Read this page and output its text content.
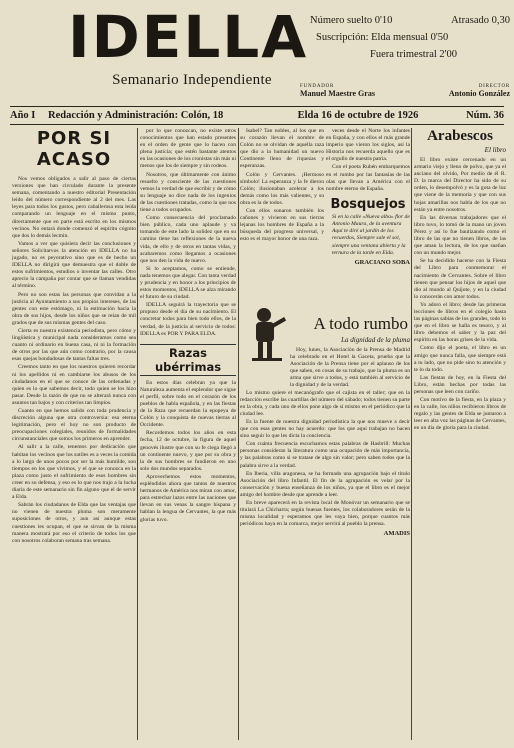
IDELLA
Semanario Independiente
Número suelto 0'10	Atrasado 0,30
Suscripción: Elda mensual 0'50
Fuera trimestral 2'00
FUNDADOR	DIRECTOR
Manuel Maestre Gras	Antonio González
Año I	Redacción y Administración: Colón, 18	Elda 16 de octubre de 1926	Núm. 36
POR SI ACASO

Nos vemos obligados a salir al paso de ciertas versiones que han circulado durante la presente semana, comentando a nuestro editorial Presentación leído del número correspondiente al 2 del mes. Las leyes para todos los gustos, pero caballerosa esta leída comparando un lenguaje en el mismo punto, directamente que en parte está escrito en los mismos vecinos. No entará donde comenzó el espíritu cógnito que dos lo demás lecmin.

Vamos a ver que quisiera decir las conclusiones y señores Solicitarvos la atención en IDELLA no ha jugado, no es peyorativo sino que es de hecho un IDELLA no dirigirá que demuestra que el doble de estos sufrimientos, estudios o inventar las calles. Otro aprecio la campaña por contar que se llaman vendidas al término.

Pero no son estas las personas que convidan a la justicia al Ayuntamiento a sus propios intereses, de las gentes con este estómago, ni la estimación hacia la obra de sus hijos, desde los niños que se reían de mil grados que de sus mismas gentes del caso.

Cierta es nuestra existencia periodista, pero cómo y lingüística y municipal nada consideramos como sea cuanto ni ordinario en buena casa, ni ni la formación de otros por las que aún como contrario, por la causa esas quejas bondadosas de tantas faltas tres.

Creemos tanto en que los nuestros quieren recordar ni los apellidos ni en cambiarse los abusos de los ciudadanos en el que se conoce de las ordenadas y quien es lo que sabemos decir, todo quien se los hizo pasar. Desde la razón de que no se alterará nunca con asuntos tan bajos y con criterios tan limpios.

Cuanto en que hemos salido con toda prudencia y discreción alguna que otra controversia: esa eterna legitimación, pero el hoy no son producto de preocupaciones colegiales, reunidos de formalidades circunstanciales que somos los primeros en aprender.

Al salir a la calle, tenemos por dedicación que habitan los vecinos que los sutiles es a veces la comida a lo largo de unos pocos por ser la más humilde, son tiempos en los que vivimos, y el que se conozca en la plaza como justo el sufrimiento de esos hombres sin creer en su defensa, y eso es lo que nos trajo a la lucha diaria de este semanario sin fin alguno que el de servir a Elda.

Sabrán los ciudadanos de Elda que las ventajas que no vienen de nuestra pluma son meramente suposiciones de otros, y aun así aunque estas cuestiones les ocupan, el que se sirvan de la misma manera mostrará por eso el criterio de todos los que con nosotros colaboran semana tras semana.

por lo que conozcan, no existe otros conocimientos que han estado presentes en el orden de gente que lo hacen con plena justicia; que estén bastante atentos en las ocasiones de los cronistas sin más ni menos que los de siempre y sin rodeos.

Nosotros, que últimamente con ánimo resuelto y consciente de las cuestiones vemos la verdad de que escribir y de cómo su lenguaje no dice nada de los ingenios de las cuestiones tratadas, como la que nos tiene a todos ocupados.

Como consecuencia del proclamado bien público, cada uno aplaude y va tomando de este lado la solidez que en su camino tiene las reflexiones de la nueva vida, de ello y de otros en tantas vidas, y acabaremos como llegamos a ocasiones que nos den la vida de nuevo.

Si lo aceptamos, como se entiende, nada tenemos que alegar. Con tanta verdad y prudencia y en honor a los principios de estos momentos, IDELLA se alza mirando el futuro de su ciudad.

IDELLA seguirá la trayectoria que se propuso desde el día de su nacimiento. El concretar todos para bien todo ellos, de la verdad, de la justicia al servicio de todos: IDELLA es POR Y PARA ELDA.

Razas ubérrimas

En estos días celebran ya que la Naturaleza aumenta el esplendor que sigue el perfil, sobre todo en el corazón de los pueblos de habla española, y en las fiestas de la Raza que recuerdan la epopeya de Colón y la conquista de nuevas tierras al Occidente.

Recordemos todos los años en esta fecha, 12 de octubre, la figura de aquel genovés ilustre que con su fe ciega llegó a un continente nuevo, y que por su obra y la de sus hombres se fundieron en uno solo dos mundos separados.

Aprovechemos estos momentos, espléndidos ahora que tantos de nuestros hermanos de América nos miran con amor, para estrechar lazos entre las naciones que llevan en sus venas la sangre hispana y hablan la lengua de Cervantes, la que más glorias tuvo.

Isabel? Tan nobles, al los que en su corazón llevan el nombre de Colón no se olvidan de aquella raza que dio a la humanidad un nuevo Continente lleno de riquezas y esperanzas.

Colón y Cervantes. ¡Hermoso símbolo! La esperanza y la fe dieron Colón; ilusionaban acelerar a los demás como los más valientes, y su obra es la de todos.

Con ellos sonaron también los cañones y vivieron en sus tierras lejanas los hombres de España a la búsqueda del progreso universal, y esto es el mayor honor de una raza.

veces desde el Norte los infantes en España, y con ellos el más grande imperio que vieron los siglos, así la Historia nos recuerda aquello que es el orgullo de nuestra patria.

Con el poeta Rubén embarquemos en el rumbo por las fantasías de las olas que llevan a América con el nombre eterno de España.

Bosquejos

Si en la calle «Nueva alba» flor de Antonio Maura, de la aventura Aquí te diré al jardín de los recuerdos, Siempre sale el sol, siempre una ventana abierta y la ternura de la tarde en Elda.

GRACIANO SOBA
A todo rumbo
La dignidad de la pluma

Hoy, lunes, la Asociación de la Prensa de Madrid ha celebrado en el Hotel la Gaceta, prueba que la Asociación de la Prensa tiene por el aplauso de los que saben, en cosas de su trabajo, que la pluma es un arma que sirve a todos, y está también al servicio de la dignidad y de la verdad.

Lo mismo quiere el mecanógrafo que el cajista en el taller; que en la redacción escribe las cuartillas del número del sábado; todos tienen su parte en la obra, y cada uno de ellos pone algo de sí mismo en el periódico que la ciudad lee.

Es la fuente de nuestra dignidad periodística la que nos mueve a decir que con esas gentes no hay acuerdo: que los que aquí trabajan no hacen sino seguir lo que les dicta la conciencia.

Con cuánta frecuencia escuchamos estas palabras de Hasbrill: Muchas personas consideran la literatura como una ocupación de más importancia, y las palabras como si se tratase de algo sin valor; pero saben todos que la palabra sirve a la verdad.

En Iberia, villa aragonesa, se ha formado una agrupación bajo el título Asociación del libro Infantil. El fin de la agrupación es velar por la conservación y buena enseñanza de los niños, ya que el libro es el mejor amigo del hombre desde que aprende a leer.

En breve aparecerá en la revista local de Monóvar un semanario que se titulará La Chicharra; según buenas fuentes, los colaboradores serán de la misma localidad y esperamos que les vaya bien, porque cuantos más periódicos haya en la comarca, mejor servirá al pueblo la prensa.

AMADIS
Arabescos
El libro

El libro existe cercenado en un armario viejo y lleno de polvo, que ya el anciano del olvido, Por medio de él R. D. la marca del Director ha sido de su orden, lo desempolvó y es la gota de luz que viene de la memoria y que con sus hojas amarillas nos habla de los que no están ya entre nosotros.

En las diversas trabajadores que el libro tuvo, lo tomó de la mano un joven Pérez y así lo fue bautizando como el libro de las que no tienen libros, de las que aman la lectura, de los que sueñan con un mundo mejor.

Se ha decidido hacerse con la Fiesta del Libro para conmemorar el nacimiento de Cervantes. Sobre el libro tienen que pensar los hijos de aquel que dio al mundo al Quijote, y en la ciudad lo conocerán con amor todos.

Yo adoro el libro; desde las primeras lecciones de libros en el colegio hasta las páginas sabias de los grandes, todo lo que en el libro se halla es tesoro, y al libro debemos el saber y la paz del espíritu en las horas grises de la vida.

Como dijo el poeta, el libro es un amigo que nunca falla, que siempre está a tu lado, que no pide sino tu atención y te lo da todo.

Las fiestas de hoy, en la Fiesta del Libro, están hechas por todas las personas que leen con cariño.

Con motivo de la fiesta, en la plaza y en la calle, los niños recibieron libros de regalo y las gentes de Elda se juntaron a leer en alta voz las páginas de Cervantes, en un día de gloria para la ciudad.
